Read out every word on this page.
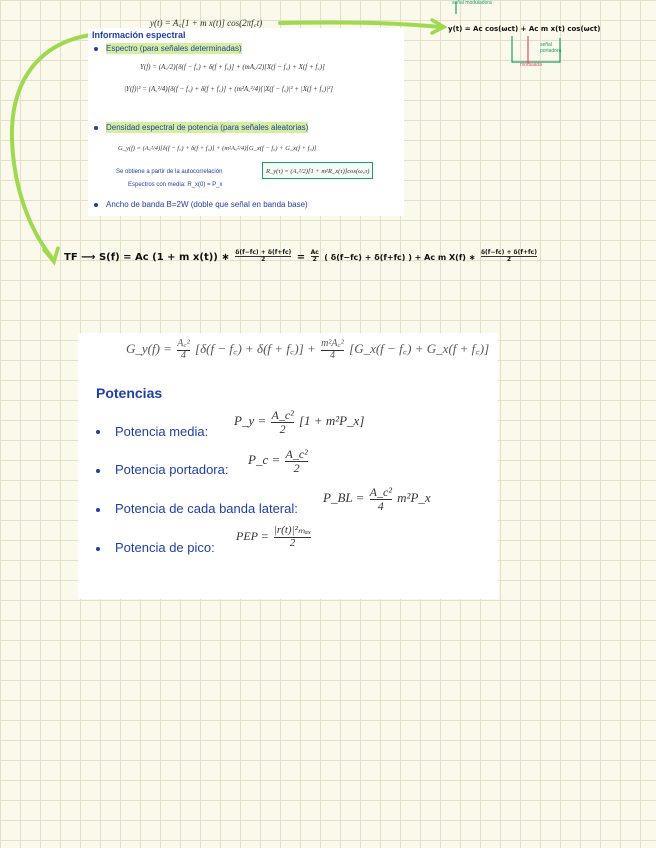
y(t) = A꜀[1 + m x(t)] cos(2πf꜀t)
y(t) = Ac cos(ωct) + Ac m x(t) cos(ωct)
señal moduladora
señal portadora
modulada
Información espectral
Espectro (para señales determinadas)
Y(f) = (A꜀/2)[δ(f − f꜀) + δ(f + f꜀)] + (mA꜀/2)[X(f − f꜀) + X(f + f꜀)]
|Y(f)|² = (A꜀²/4)[δ(f − f꜀) + δ(f + f꜀)] + (m²A꜀²/4)[|X(f − f꜀)|² + |X(f + f꜀)|²]
Densidad espectral de potencia (para señales aleatorias)
G_y(f) = (A꜀²/4)[δ(f − f꜀) + δ(f + f꜀)] + (m²A꜀²/4)[G_x(f − f꜀) + G_x(f + f꜀)]
Se obtiene a partir de la autocorrelación	R_y(τ) = (A꜀²/2)[1 + m²R_x(τ)]cos(ω꜀τ)
Espectros con media: R_x(0) = P_x
Ancho de banda B=2W (doble que señal en banda base)
TF ⟶ S(f) = Ac (1 + m x(t)) ∗ $\frac{\delta(f-fc) + \delta(f+fc)}{2} = \frac{Ac}{2}$ ( δ(f−fc) + δ(f+fc) ) + Ac m X(f) ∗ $\frac{\delta(f-fc) + \delta(f+fc)}{2}$
G_y(f) = $\frac{\text{A꜀²}}{4} [\delta(f$ − f꜀) + δ(f + f꜀)] + $\frac{\text{m²A꜀²}}{4}$ [G_x(f − f꜀) + G_x(f + f꜀)]
Potencias
Potencia media:
P_y = $\frac{\text{A\_c²}}{2} [1$ + m²P_x]
Potencia portadora:
P_c = $\frac{\text{A\_c²}}{2}$
Potencia de cada banda lateral:
P_BL = $\frac{\text{A\_c²}}{4}$ m²P_x
Potencia de pico:
PEP = $\frac{\text{|r(t)|²ₘₐₓ}}{2}$
